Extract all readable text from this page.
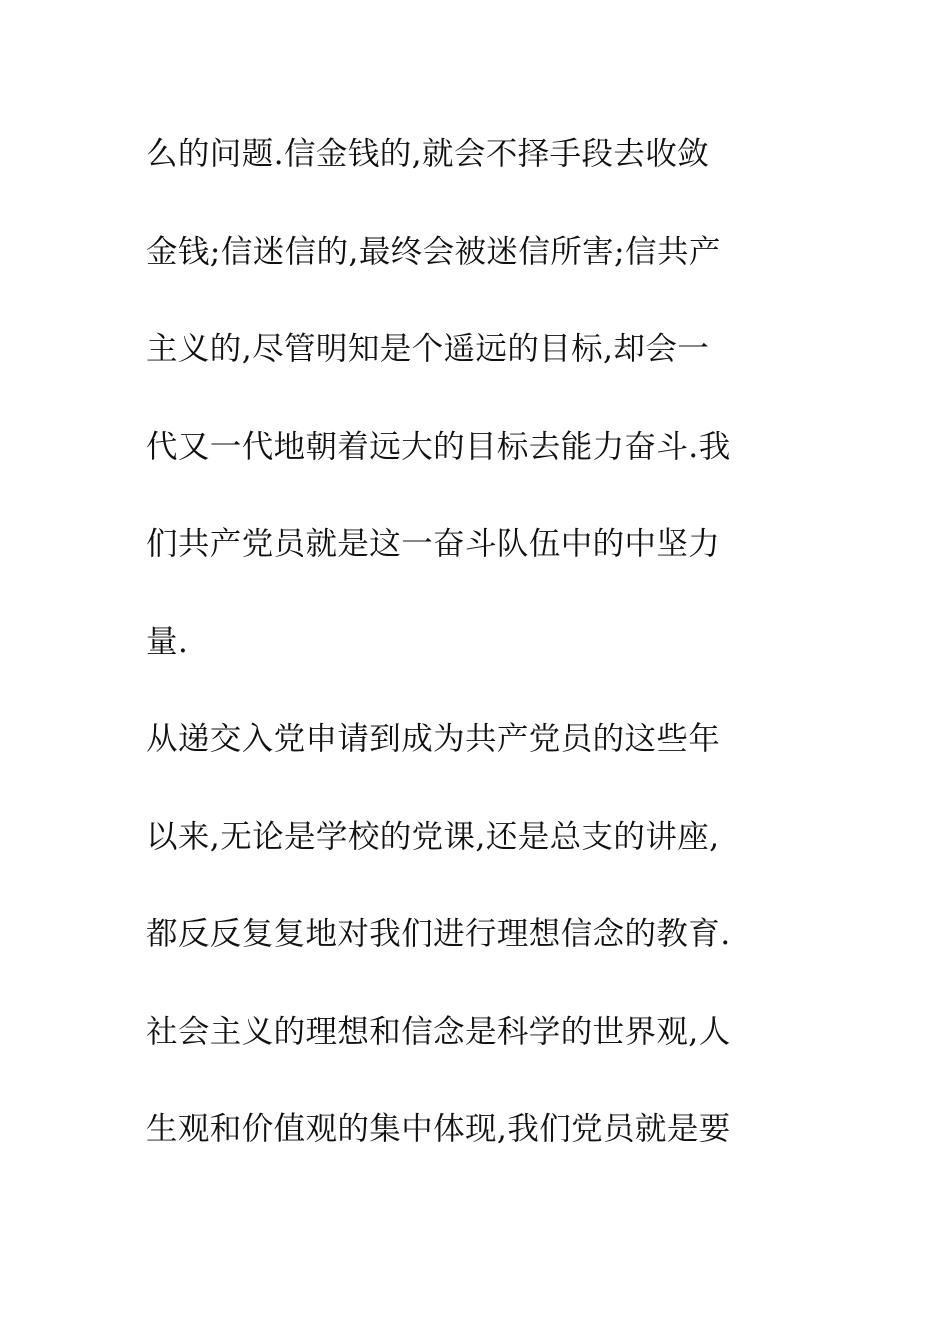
么的问题.信金钱的,就会不择手段去收敛
金钱;信迷信的,最终会被迷信所害;信共产
主义的,尽管明知是个遥远的目标,却会一
代又一代地朝着远大的目标去能力奋斗.我
们共产党员就是这一奋斗队伍中的中坚力
量.
从递交入党申请到成为共产党员的这些年
以来,无论是学校的党课,还是总支的讲座,
都反反复复地对我们进行理想信念的教育.
社会主义的理想和信念是科学的世界观,人
生观和价值观的集中体现,我们党员就是要
